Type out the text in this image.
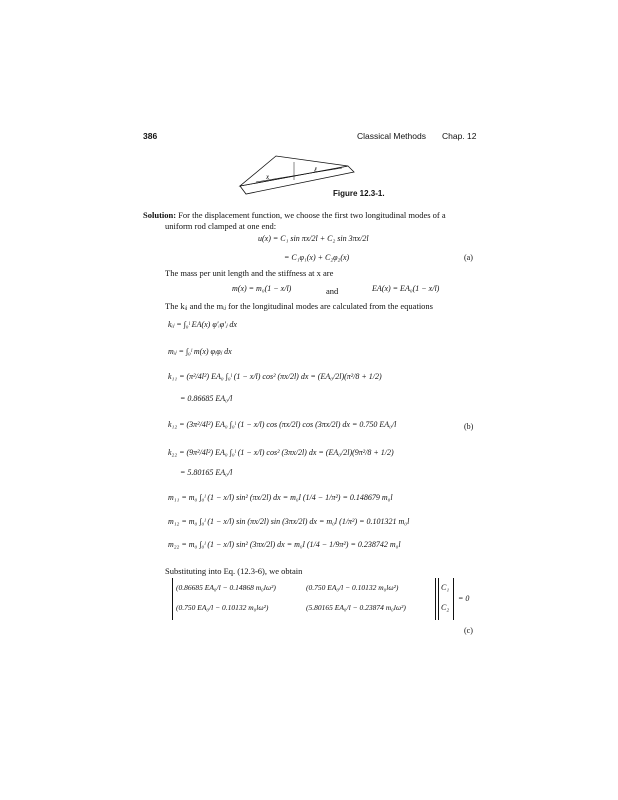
386	Classical Methods Chap. 12
x
ℓ
Figure 12.3-1.
Solution: For the displacement function, we choose the first two longitudinal modes of a
uniform rod clamped at one end:
u(x) = C₁ sin πx/2l + C₂ sin 3πx/2l
= C₁φ₁(x) + C₂φ₂(x)	(a)
The mass per unit length and the stiffness at x are
m(x) = m₀(1 − x/l)	and	EA(x) = EA₀(1 − x/l)
The kᵢⱼ and the mᵢⱼ for the longitudinal modes are calculated from the equations
kᵢⱼ = ∫₀ˡ EA(x) φ′ᵢφ′ⱼ dx
mᵢⱼ = ∫₀ˡ m(x) φᵢφⱼ dx
k₁₁ = (π²/4l²) EA₀ ∫₀ˡ (1 − x/l) cos² (πx/2l) dx = (EA₀/2l)(π²/8 + 1/2)
= 0.86685 EA₀/l
k₁₂ = (3π²/4l²) EA₀ ∫₀ˡ (1 − x/l) cos (πx/2l) cos (3πx/2l) dx = 0.750 EA₀/l	(b)
k₂₂ = (9π²/4l²) EA₀ ∫₀ˡ (1 − x/l) cos² (3πx/2l) dx = (EA₀/2l)(9π²/8 + 1/2)
= 5.80165 EA₀/l
m₁₁ = m₀ ∫₀ˡ (1 − x/l) sin² (πx/2l) dx = m₀l (1/4 − 1/π²) = 0.148679 m₀l
m₁₂ = m₀ ∫₀ˡ (1 − x/l) sin (πx/2l) sin (3πx/2l) dx = m₀l (1/π²) = 0.101321 m₀l
m₂₂ = m₀ ∫₀ˡ (1 − x/l) sin² (3πx/2l) dx = m₀l (1/4 − 1/9π²) = 0.238742 m₀l
Substituting into Eq. (12.3-6), we obtain
(0.86685 EA₀/l − 0.14868 m₀lω²)	(0.750 EA₀/l − 0.10132 m₀lω²)
(0.750 EA₀/l − 0.10132 m₀lω²)	(5.80165 EA₀/l − 0.23874 m₀lω²)
C₁
C₂
= 0
(c)
